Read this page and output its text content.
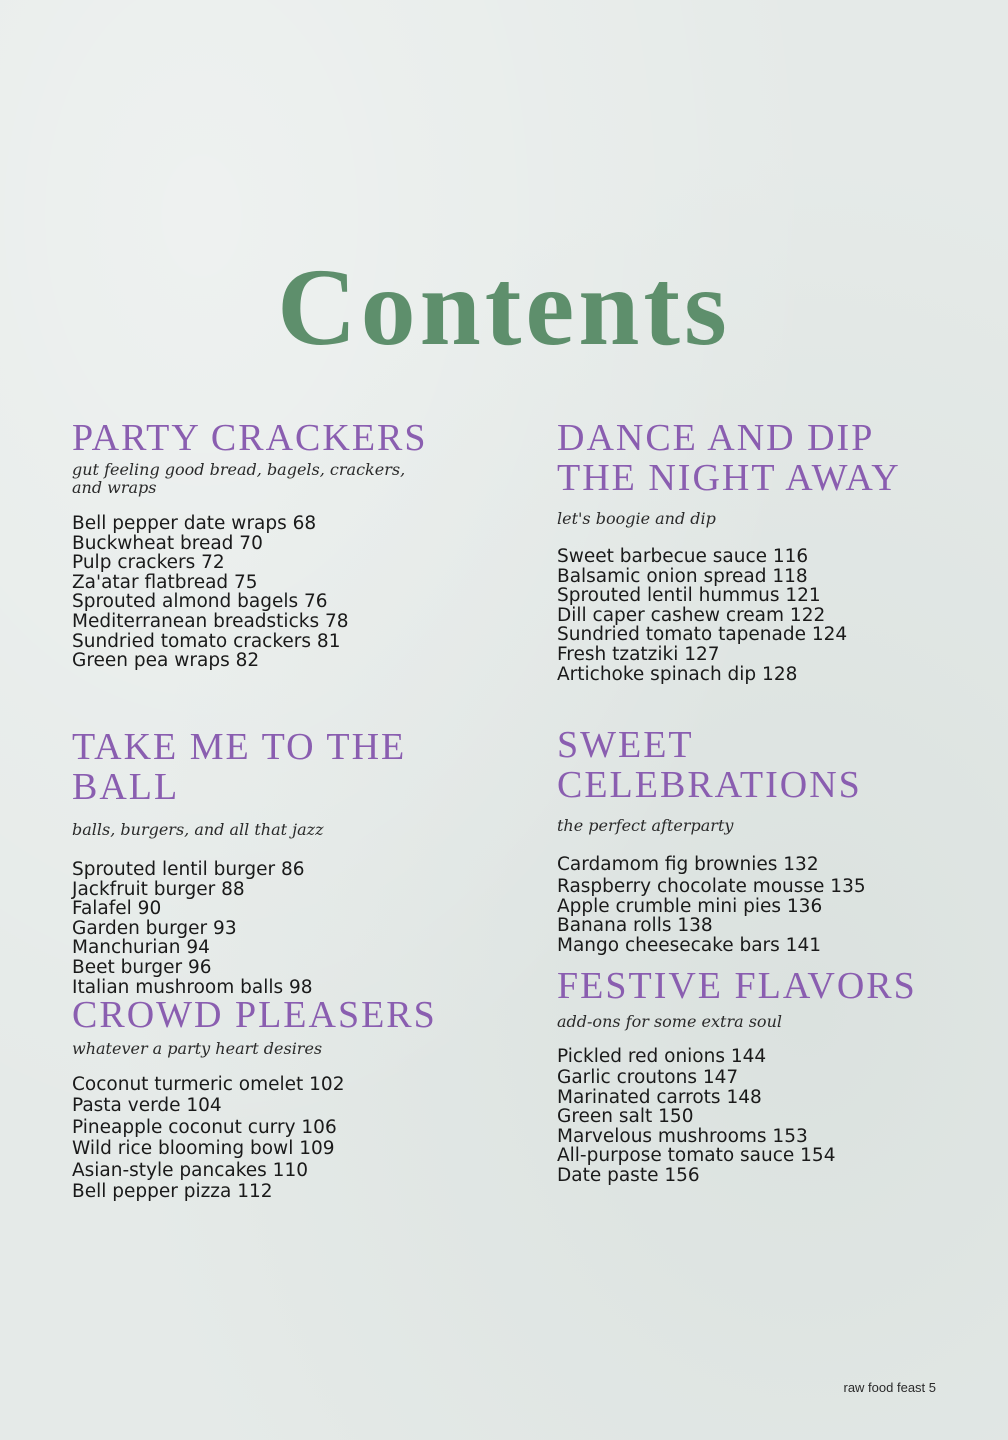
Contents
PARTY CRACKERS

gut feeling good bread, bagels, crackers, and wraps

Bell pepper date wraps 68
Buckwheat bread 70
Pulp crackers 72
Za'atar flatbread 75
Sprouted almond bagels 76
Mediterranean breadsticks 78
Sundried tomato crackers 81
Green pea wraps 82
TAKE ME TO THE BALL

balls, burgers, and all that jazz

Sprouted lentil burger 86
Jackfruit burger 88
Falafel 90
Garden burger 93
Manchurian 94
Beet burger 96
Italian mushroom balls 98
CROWD PLEASERS

whatever a party heart desires

Coconut turmeric omelet 102
Pasta verde 104
Pineapple coconut curry 106
Wild rice blooming bowl 109
Asian-style pancakes 110
Bell pepper pizza 112
DANCE AND DIP THE NIGHT AWAY

let's boogie and dip

Sweet barbecue sauce 116
Balsamic onion spread 118
Sprouted lentil hummus 121
Dill caper cashew cream 122
Sundried tomato tapenade 124
Fresh tzatziki 127
Artichoke spinach dip 128
SWEET CELEBRATIONS

the perfect afterparty

Cardamom fig brownies 132
Raspberry chocolate mousse 135
Apple crumble mini pies 136
Banana rolls 138
Mango cheesecake bars 141
FESTIVE FLAVORS

add-ons for some extra soul

Pickled red onions 144
Garlic croutons 147
Marinated carrots 148
Green salt 150
Marvelous mushrooms 153
All-purpose tomato sauce 154
Date paste 156
raw food feast 5
